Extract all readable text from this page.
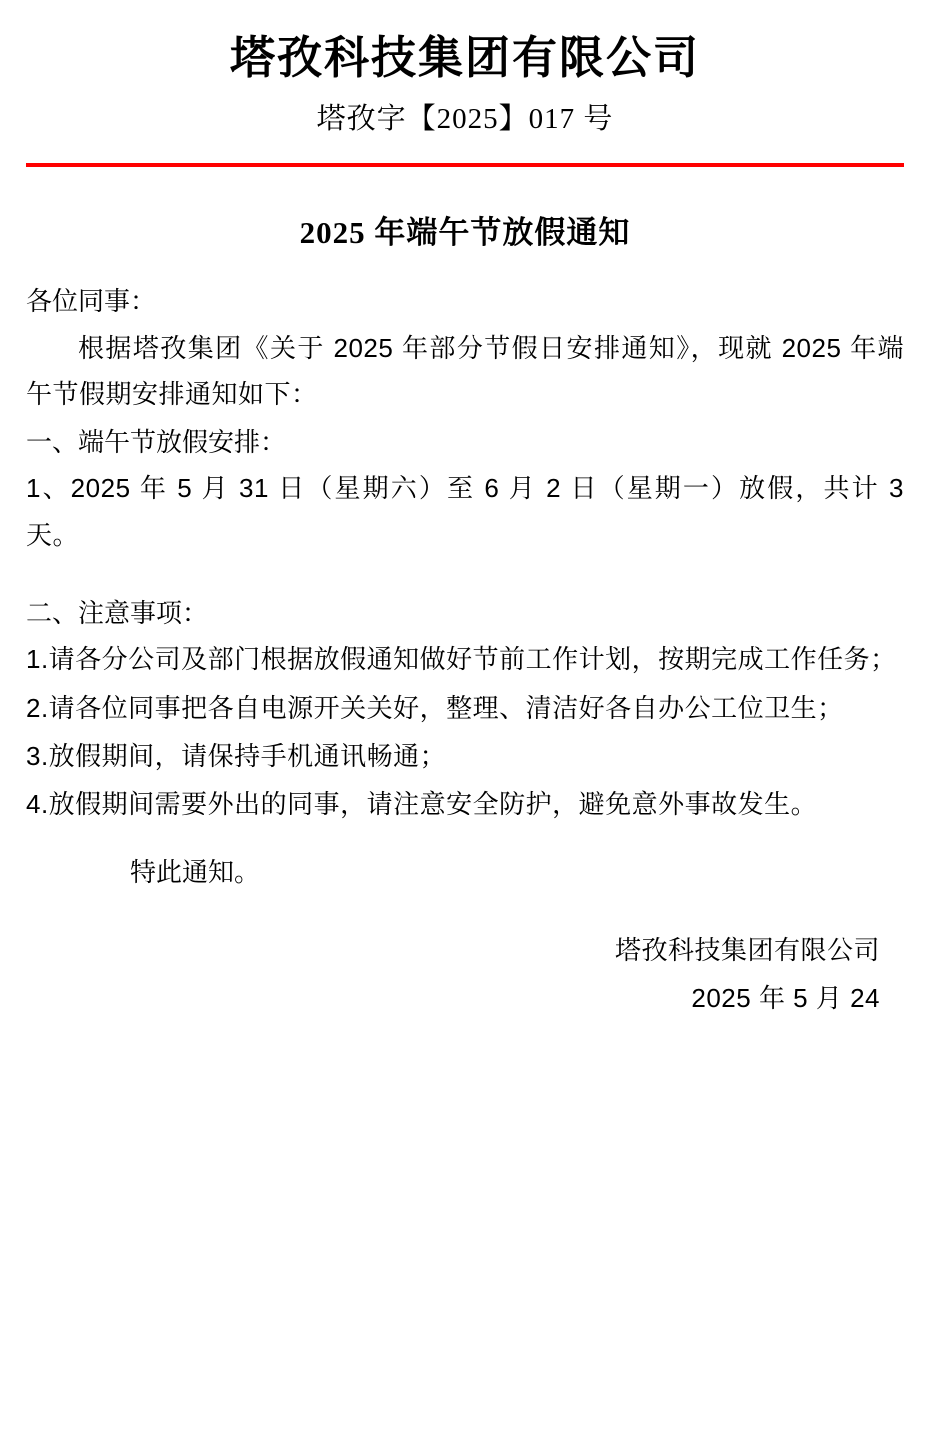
塔孜科技集团有限公司
塔孜字【2025】017 号
2025 年端午节放假通知
各位同事：

根据塔孜集团《关于 2025 年部分节假日安排通知》，现就 2025 年端午节假期安排通知如下：

一、端午节放假安排：

1、2025 年 5 月 31 日（星期六）至 6 月 2 日（星期一）放假，共计 3 天。

二、注意事项：

1.请各分公司及部门根据放假通知做好节前工作计划，按期完成工作任务；

2.请各位同事把各自电源开关关好，整理、清洁好各自办公工位卫生；

3.放假期间，请保持手机通讯畅通；

4.放假期间需要外出的同事，请注意安全防护，避免意外事故发生。

特此通知。
塔孜科技集团有限公司
2025 年 5 月 24
